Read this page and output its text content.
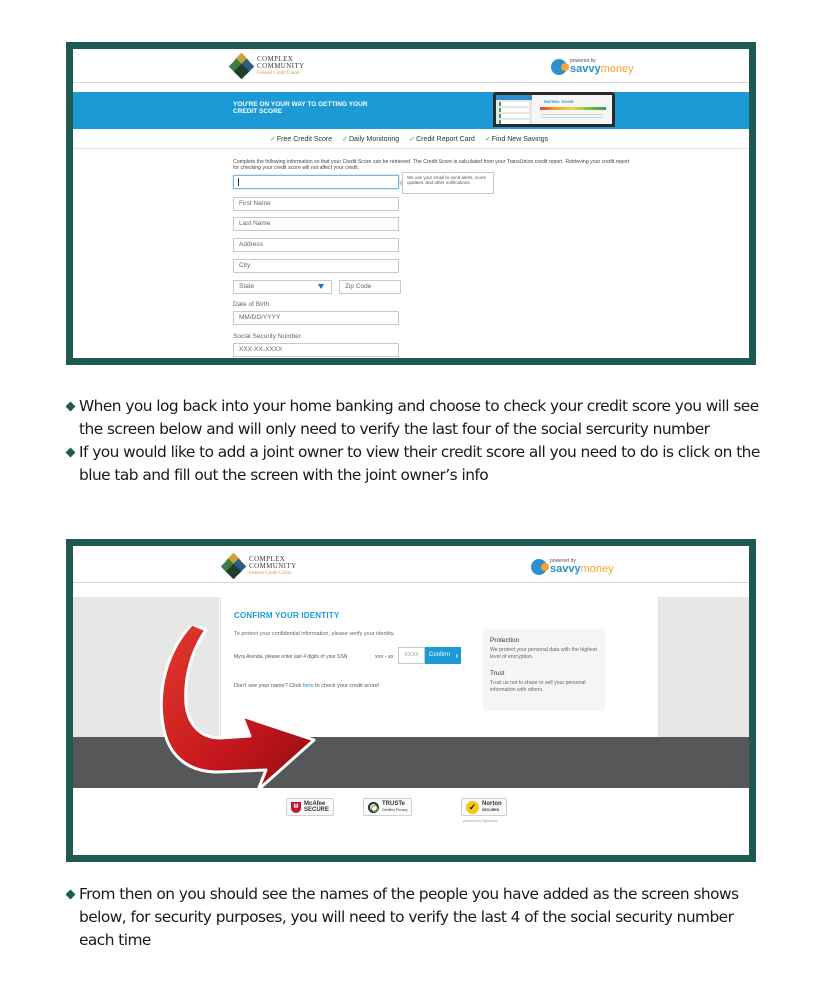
COMPLEX
COMMUNITY
Federal Credit Union
powered by
savvymoney
YOU'RE ON YOUR WAY TO GETTING YOUR CREDIT SCORE
RATING: GOOD
✓ Free Credit Score	✓ Daily Monitoring	✓ Credit Report Card	✓ Find New Savings
Complete the following information so that your Credit Score can be retrieved. The Credit Score is calculated from your TransUnion credit report. Retrieving your credit report for checking your credit score will not affect your credit.
We use your email to send alerts, score updates, and other notifications.
First Name
Last Name
Address
City
State	Zip Code
Date of Birth
MM/DD/YYYY
Social Security Number
XXX-XX-XXXX
When you log back into your home banking and choose to check your credit score you will see the screen below and will only need to verify the last four of the social sercurity number
If you would like to add a joint owner to view their credit score all you need to do is click on the blue tab and fill out the screen with the joint owner’s info
COMPLEX
COMMUNITY
Federal Credit Union
powered by
savvymoney
CONFIRM YOUR IDENTITY
To protect your confidential information, please verify your identity.
Myra Arenda, please enter last 4 digits of your SSN	xxx - xx	XXXX	Confirm ›
Don't see your name? Click here to check your credit score!
Protection
We protect your personal data with the highest level of encryption.
Trust
Trust us not to share or sell your personal information with others.
M McAfee
SECURE
TRUSTe
Certified Privacy	✓ Norton
SECURED
powered by Symantec
From then on you should see the names of the people you have added as the screen shows below, for security purposes, you will need to verify the last 4 of the social security number each time
